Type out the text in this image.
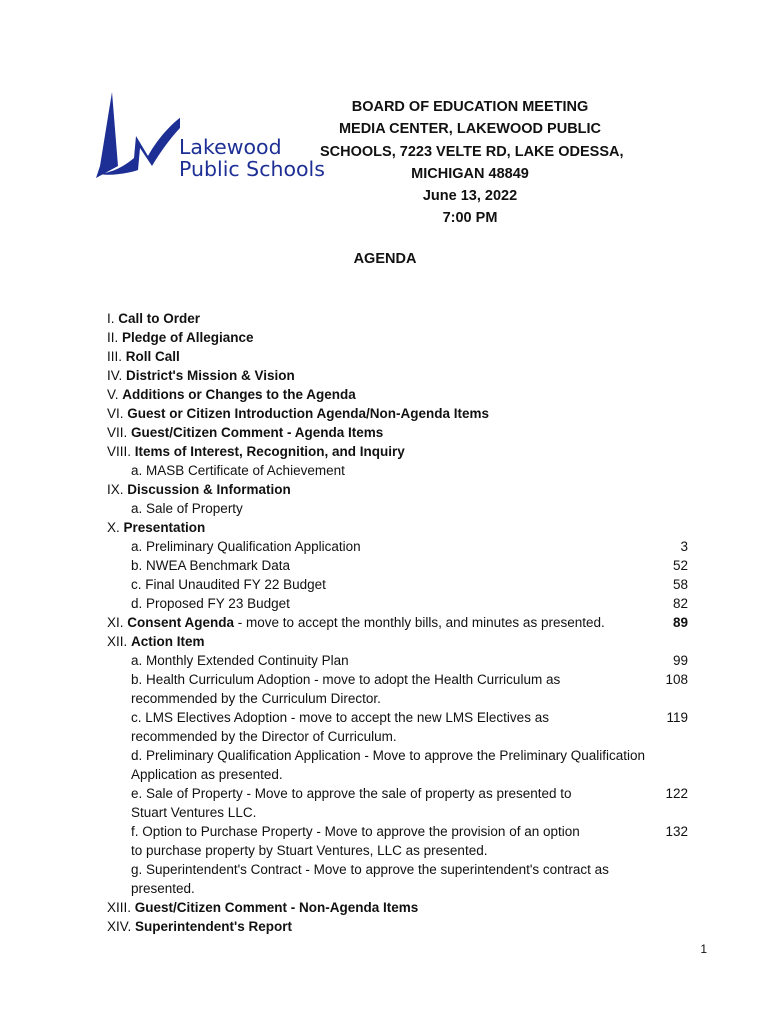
Lakewood
Public Schools
BOARD OF EDUCATION MEETING
MEDIA CENTER, LAKEWOOD PUBLIC
SCHOOLS, 7223 VELTE RD, LAKE ODESSA,
MICHIGAN 48849
June 13, 2022
7:00 PM
AGENDA
I. Call to Order
II. Pledge of Allegiance
III. Roll Call
IV. District's Mission & Vision
V. Additions or Changes to the Agenda
VI. Guest or Citizen Introduction Agenda/Non-Agenda Items
VII. Guest/Citizen Comment - Agenda Items
VIII. Items of Interest, Recognition, and Inquiry
a. MASB Certificate of Achievement
IX. Discussion & Information
a. Sale of Property
X. Presentation
a. Preliminary Qualification Application	3
b. NWEA Benchmark Data	52
c. Final Unaudited FY 22 Budget	58
d. Proposed FY 23 Budget	82
XI. Consent Agenda - move to accept the monthly bills, and minutes as presented.	89
XII. Action Item
a. Monthly Extended Continuity Plan	99
b. Health Curriculum Adoption - move to adopt the Health Curriculum as	108
recommended by the Curriculum Director.
c. LMS Electives Adoption - move to accept the new LMS Electives as	119
recommended by the Director of Curriculum.
d. Preliminary Qualification Application - Move to approve the Preliminary Qualification
Application as presented.
e. Sale of Property - Move to approve the sale of property as presented to	122
Stuart Ventures LLC.
f. Option to Purchase Property - Move to approve the provision of an option	132
to purchase property by Stuart Ventures, LLC as presented.
g. Superintendent's Contract - Move to approve the superintendent's contract as
presented.
XIII. Guest/Citizen Comment - Non-Agenda Items
XIV. Superintendent's Report
1
